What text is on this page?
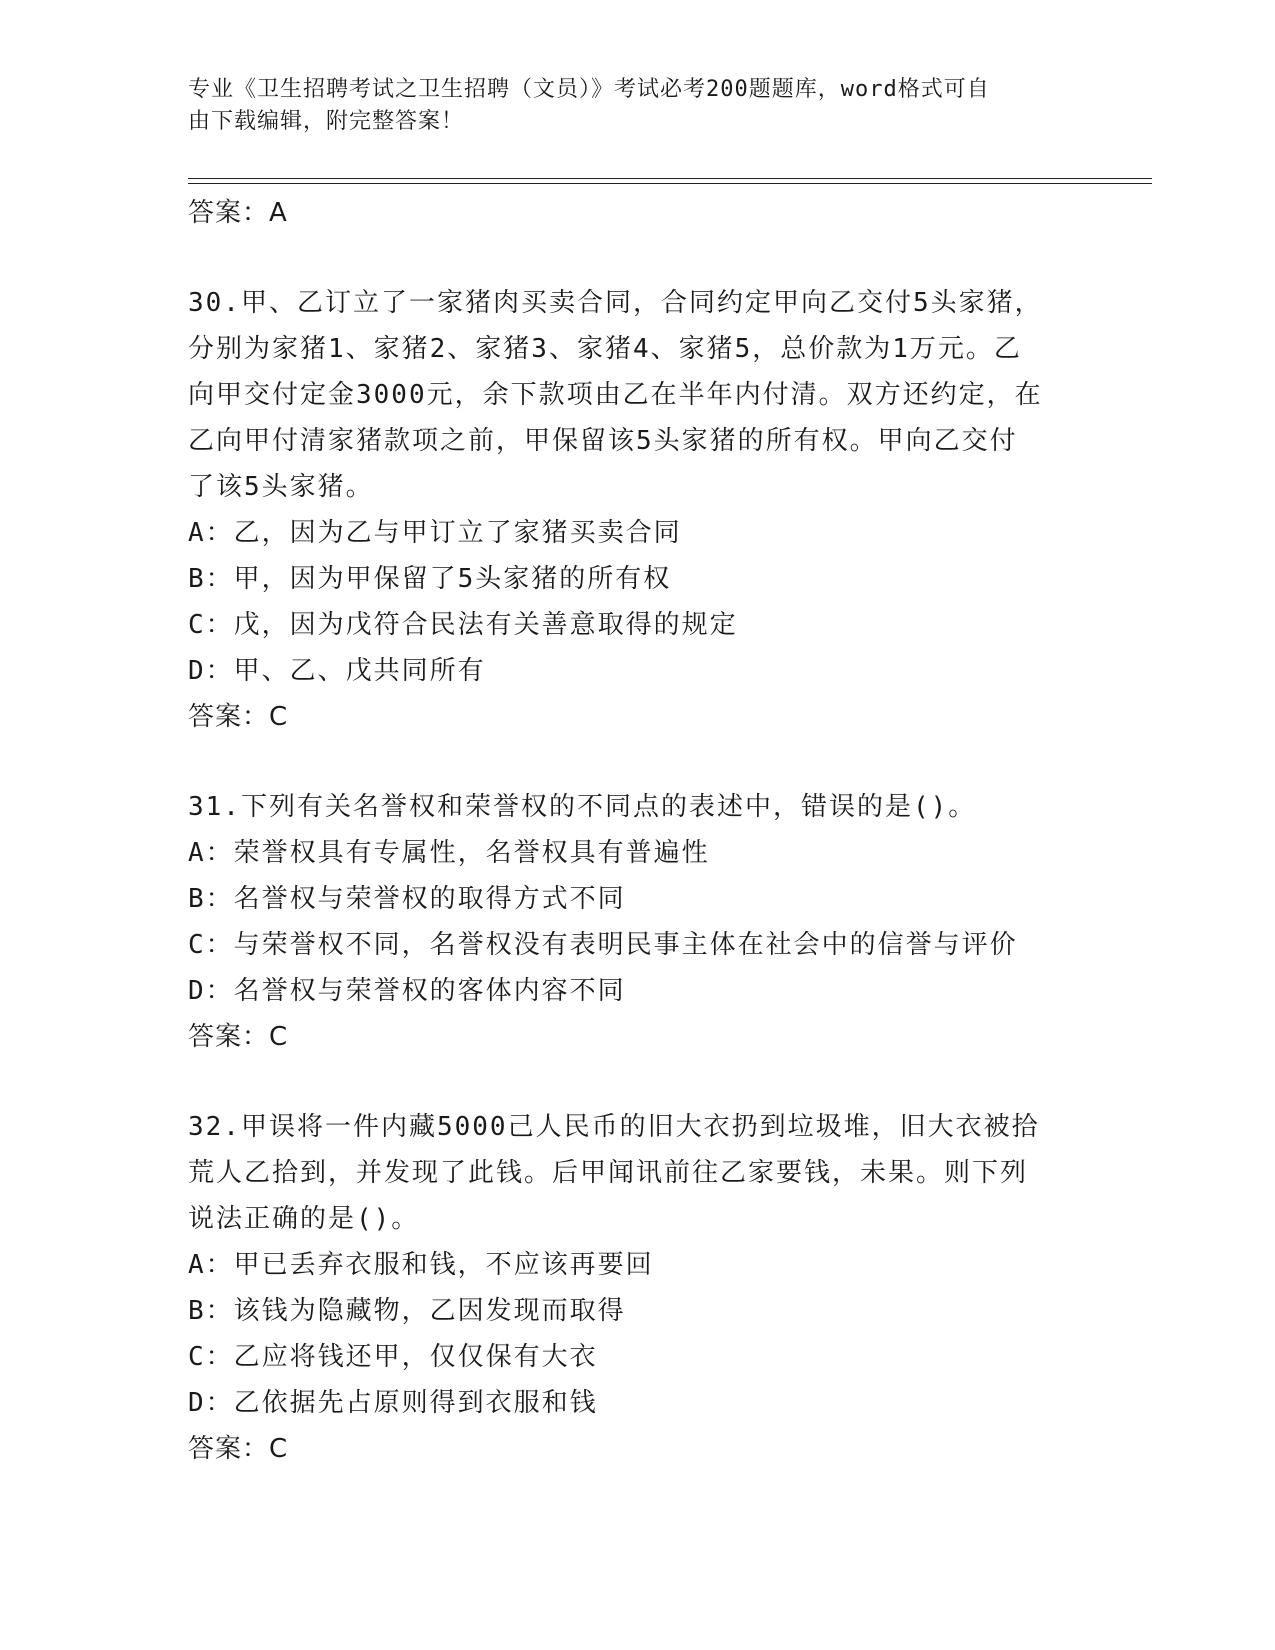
专业《卫生招聘考试之卫生招聘（文员）》考试必考200题题库，word格式可自
由下载编辑，附完整答案！
答案：A
30.甲、乙订立了一家猪肉买卖合同，合同约定甲向乙交付5头家猪，
分别为家猪1、家猪2、家猪3、家猪4、家猪5，总价款为1万元。乙
向甲交付定金3000元，余下款项由乙在半年内付清。双方还约定，在
乙向甲付清家猪款项之前，甲保留该5头家猪的所有权。甲向乙交付
了该5头家猪。
A：乙，因为乙与甲订立了家猪买卖合同
B：甲，因为甲保留了5头家猪的所有权
C：戊，因为戊符合民法有关善意取得的规定
D：甲、乙、戊共同所有
答案：C
31.下列有关名誉权和荣誉权的不同点的表述中，错误的是()。
A：荣誉权具有专属性，名誉权具有普遍性
B：名誉权与荣誉权的取得方式不同
C：与荣誉权不同，名誉权没有表明民事主体在社会中的信誉与评价
D：名誉权与荣誉权的客体内容不同
答案：C
32.甲误将一件内藏5000己人民币的旧大衣扔到垃圾堆，旧大衣被拾
荒人乙拾到，并发现了此钱。后甲闻讯前往乙家要钱，未果。则下列
说法正确的是()。
A：甲已丢弃衣服和钱，不应该再要回
B：该钱为隐藏物，乙因发现而取得
C：乙应将钱还甲，仅仅保有大衣
D：乙依据先占原则得到衣服和钱
答案：C
